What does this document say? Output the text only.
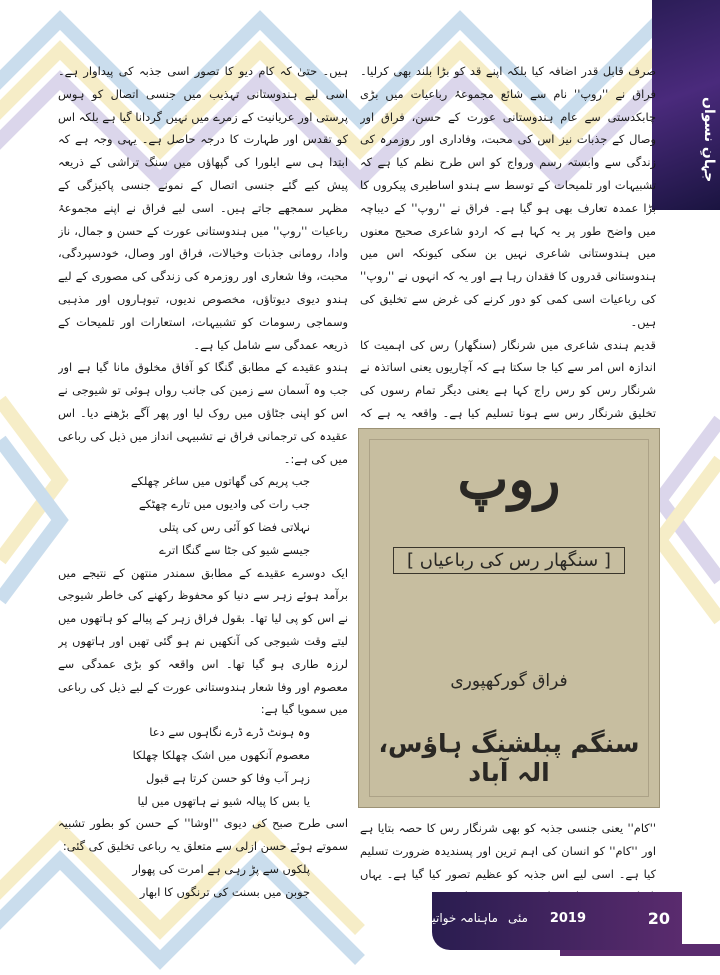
جہانِ نسواں

صرف قابل قدر اضافہ کیا بلکہ اپنے قد کو بڑا بلند بھی کرلیا۔ فراق نے ''روپ'' نام سے شائع مجموعۂ رباعیات میں بڑی چابکدستی سے عام ہندوستانی عورت کے حسن، فراق اور وصال کے جذبات نیز اس کی محبت، وفاداری اور روزمرہ کی زندگی سے وابستہ رسم ورواج کو اس طرح نظم کیا ہے کہ تشبیہات اور تلمیحات کے توسط سے ہندو اساطیری پیکروں کا بڑا عمدہ تعارف بھی ہو گیا ہے۔ فراق نے ''روپ'' کے دیباچہ میں واضح طور پر یہ کہا ہے کہ اردو شاعری صحیح معنوں میں ہندوستانی شاعری نہیں بن سکی کیونکہ اس میں ہندوستانی قدروں کا فقدان رہا ہے اور یہ کہ انہوں نے ''روپ'' کی رباعیات اسی کمی کو دور کرنے کی غرض سے تخلیق کی ہیں۔

قدیم ہندی شاعری میں شرنگار (سنگھار) رس کی اہمیت کا اندازہ اس امر سے کیا جا سکتا ہے کہ آچاریوں یعنی اساتذہ نے شرنگار رس کو رس راج کہا ہے یعنی دیگر تمام رسوں کی تخلیق شرنگار رس سے ہونا تسلیم کیا ہے۔ واقعہ یہ ہے کہ

روپ
[ سنگھار رس کی رباعیاں ]
فراق گورکھپوری
سنگم پبلشنگ ہاؤس، الہ آباد

''کام'' یعنی جنسی جذبہ کو بھی شرنگار رس کا حصہ بتایا ہے اور ''کام'' کو انسان کی اہم ترین اور پسندیدہ ضرورت تسلیم کیا ہے۔ اسی لیے اس جذبہ کو عظیم تصور کیا گیا ہے۔ یہاں

ہیں۔ حتیٰ کہ کام دیو کا تصور اسی جذبہ کی پیداوار ہے۔ اسی لیے ہندوستانی تہذیب میں جنسی اتصال کو ہوس پرستی اور عریانیت کے زمرے میں نہیں گردانا گیا ہے بلکہ اس کو تقدس اور طہارت کا درجہ حاصل ہے۔ یہی وجہ ہے کہ ابتدا ہی سے ایلورا کی گپھاؤں میں سنگ تراشی کے ذریعہ پیش کیے گئے جنسی اتصال کے نمونے جنسی پاکیزگی کے مظہر سمجھے جاتے ہیں۔ اسی لیے فراق نے اپنے مجموعۂ رباعیات ''روپ'' میں ہندوستانی عورت کے حسن و جمال، ناز وادا، رومانی جذبات وخیالات، فراق اور وصال، خودسپردگی، محبت، وفا شعاری اور روزمرہ کی زندگی کی مصوری کے لیے ہندو دیوی دیوتاؤں، مخصوص ندیوں، تیوہاروں اور مذہبی وسماجی رسومات کو تشبیہات، استعارات اور تلمیحات کے ذریعہ عمدگی سے شامل کیا ہے۔

ہندو عقیدے کے مطابق گنگا کو آفاق مخلوق مانا گیا ہے اور جب وہ آسمان سے زمین کی جانب رواں ہوئی تو شیوجی نے اس کو اپنی جٹاؤں میں روک لیا اور پھر آگے بڑھنے دیا۔ اس عقیدہ کی ترجمانی فراق نے تشبیہی انداز میں ذیل کی رباعی میں کی ہے:۔

جب پریم کی گھاتوں میں ساغر چھلکے

جب رات کی وادیوں میں تارے چھٹکے

نہلاتی فضا کو آئی رس کی پتلی

جیسے شیو کی جٹا سے گنگا اترے

ایک دوسرے عقیدے کے مطابق سمندر منتھن کے نتیجے میں برآمد ہوئے زہر سے دنیا کو محفوظ رکھنے کی خاطر شیوجی نے اس کو پی لیا تھا۔ بقول فراق زہر کے پیالے کو ہاتھوں میں لیتے وقت شیوجی کی آنکھیں نم ہو گئی تھیں اور ہاتھوں پر لرزہ طاری ہو گیا تھا۔ اس واقعہ کو بڑی عمدگی سے معصوم اور وفا شعار ہندوستانی عورت کے لیے ذیل کی رباعی میں سمویا گیا ہے:

وہ ہونٹ ڈرے ڈرے نگاہوں سے دعا

معصوم آنکھوں میں اشک چھلکا چھلکا

زہر آب وفا کو حسن کرتا ہے قبول

یا بس کا پیالہ شیو نے ہاتھوں میں لیا

اسی طرح صبح کی دیوی ''اوشا'' کے حسن کو بطور تشبیہ سموتے ہوئے حسن ازلی سے متعلق یہ رباعی تخلیق کی گئی:

پلکوں سے پڑ رہی ہے امرت کی پھوار

جوبن میں بسنت کی ترنگوں کا ابھار

20
2019
مئی
ماہنامہ خواتین دنیا
